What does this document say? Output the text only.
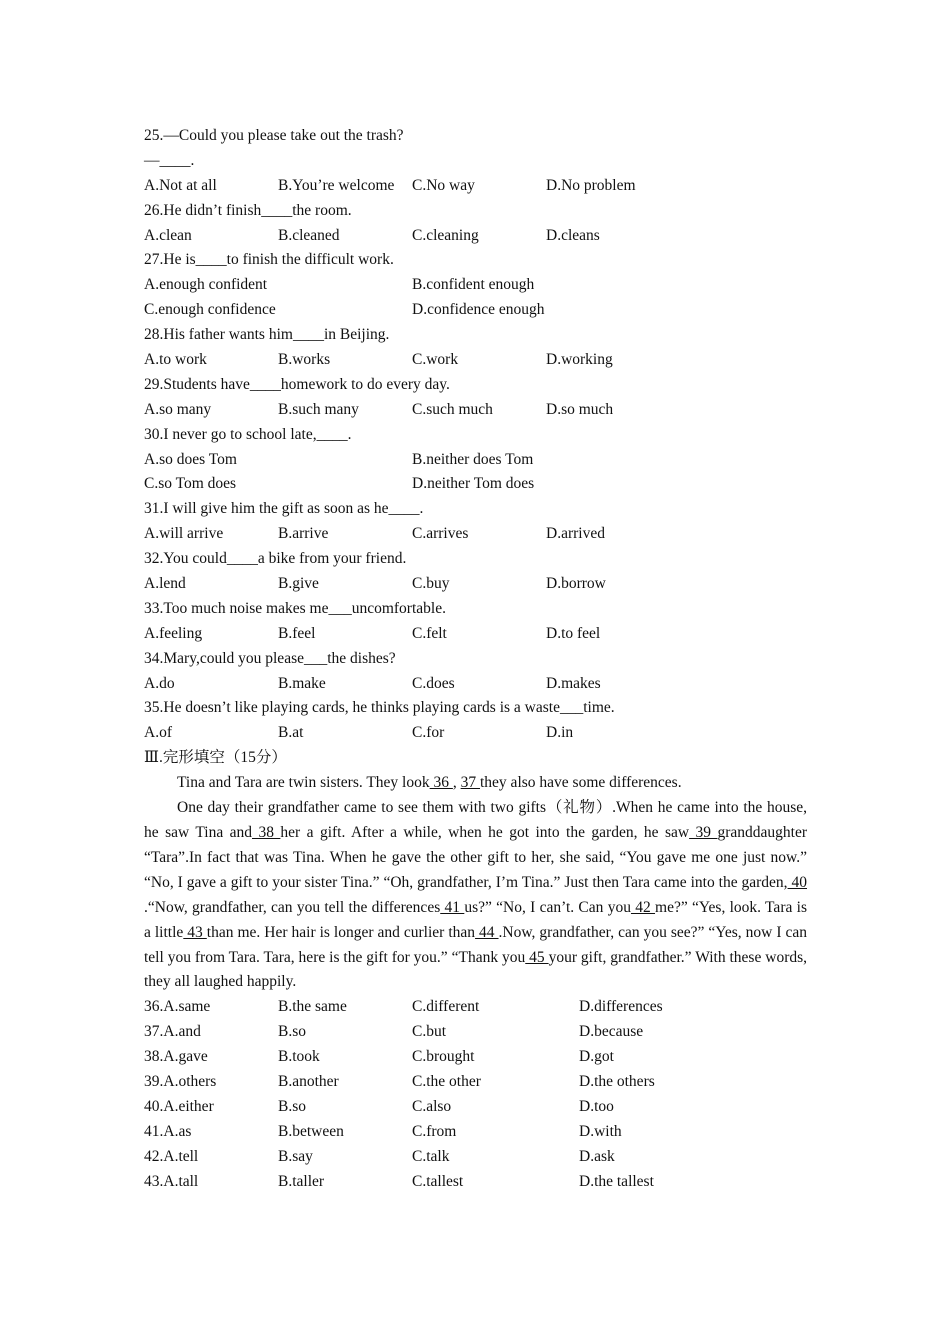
25.—Could you please take out the trash?
—____.
A.Not at all	B.You’re welcome C.No way	D.No problem
26.He didn’t finish____the room.
A.clean	B.cleaned	C.cleaning	D.cleans
27.He is____to finish the difficult work.
A.enough confident	B.confident enough
C.enough confidence	D.confidence enough
28.His father wants him____in Beijing.
A.to work	B.works	C.work	D.working
29.Students have____homework to do every day.
A.so many	B.such many	C.such much	D.so much
30.I never go to school late,____.
A.so does Tom	B.neither does Tom
C.so Tom does	D.neither Tom does
31.I will give him the gift as soon as he____.
A.will arrive	B.arrive	C.arrives	D.arrived
32.You could____a bike from your friend.
A.lend	B.give	C.buy	D.borrow
33.Too much noise makes me___uncomfortable.
A.feeling	B.feel	C.felt	D.to feel
34.Mary,could you please___the dishes?
A.do	B.make	C.does	D.makes
35.He doesn’t like playing cards, he thinks playing cards is a waste___time.
A.of	B.at	C.for	D.in
Ⅲ.完形填空（15分）
Tina and Tara are twin sisters. They look 36 , 37 they also have some differences.
One day their grandfather came to see them with two gifts（礼物）.When he came into the house, he saw Tina and 38 her a gift. After a while, when he got into the garden, he saw 39 granddaughter “Tara”.In fact that was Tina. When he gave the other gift to her, she said, “You gave me one just now.” “No, I gave a gift to your sister Tina.” “Oh, grandfather, I’m Tina.” Just then Tara came into the garden, 40 .“Now, grandfather, can you tell the differences 41 us?” “No, I can’t. Can you 42 me?” “Yes, look. Tara is a little 43 than me. Her hair is longer and curlier than 44 .Now, grandfather, can you see?” “Yes, now I can tell you from Tara. Tara, here is the gift for you.” “Thank you 45 your gift, grandfather.” With these words, they all laughed happily.
36.A.same	B.the same	C.different	D.differences
37.A.and	B.so	C.but	D.because
38.A.gave	B.took	C.brought	D.got
39.A.others	B.another	C.the other	D.the others
40.A.either	B.so	C.also	D.too
41.A.as	B.between	C.from	D.with
42.A.tell	B.say	C.talk	D.ask
43.A.tall	B.taller	C.tallest	D.the tallest
